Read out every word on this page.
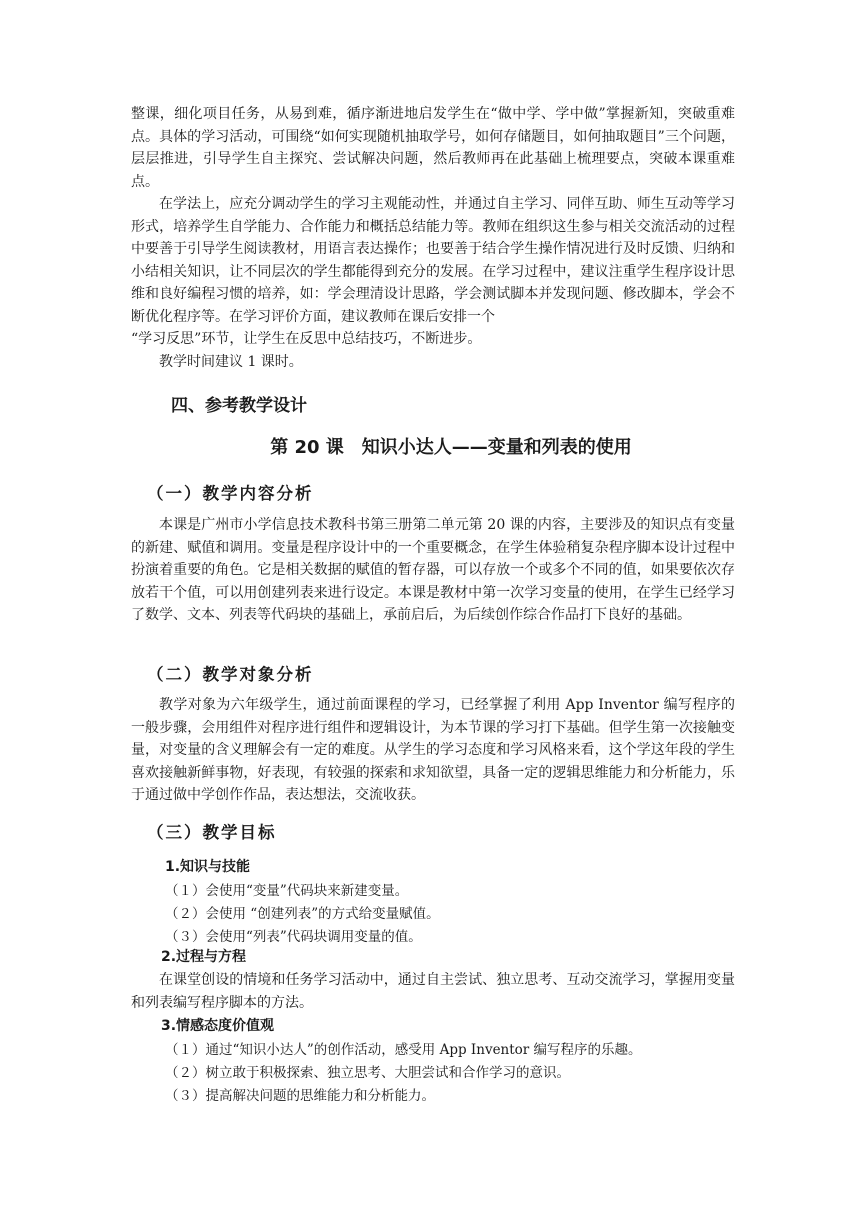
整课，细化项目任务，从易到难，循序渐进地启发学生在“做中学、学中做”掌握新知，突破重难点。具体的学习活动，可围绕“如何实现随机抽取学号，如何存储题目，如何抽取题目”三个问题，层层推进，引导学生自主探究、尝试解决问题，然后教师再在此基础上梳理要点，突破本课重难点。

在学法上，应充分调动学生的学习主观能动性，并通过自主学习、同伴互助、师生互动等学习形式，培养学生自学能力、合作能力和概括总结能力等。教师在组织这生参与相关交流活动的过程中要善于引导学生阅读教材，用语言表达操作；也要善于结合学生操作情况进行及时反馈、归纳和小结相关知识，让不同层次的学生都能得到充分的发展。在学习过程中，建议注重学生程序设计思维和良好编程习惯的培养，如：学会理清设计思路，学会测试脚本并发现问题、修改脚本，学会不断优化程序等。在学习评价方面，建议教师在课后安排一个

“学习反思”环节，让学生在反思中总结技巧，不断进步。

教学时间建议 1 课时。

四、参考教学设计
第 20 课　知识小达人——变量和列表的使用
（一）教学内容分析

本课是广州市小学信息技术教科书第三册第二单元第 20 课的内容，主要涉及的知识点有变量的新建、赋值和调用。变量是程序设计中的一个重要概念，在学生体验稍复杂程序脚本设计过程中扮演着重要的角色。它是相关数据的赋值的暂存器，可以存放一个或多个不同的值，如果要依次存放若干个值，可以用创建列表来进行设定。本课是教材中第一次学习变量的使用，在学生已经学习了数学、文本、列表等代码块的基础上，承前启后，为后续创作综合作品打下良好的基础。

（二）教学对象分析

教学对象为六年级学生，通过前面课程的学习，已经掌握了利用 App Inventor 编写程序的一般步骤，会用组件对程序进行组件和逻辑设计，为本节课的学习打下基础。但学生第一次接触变量，对变量的含义理解会有一定的难度。从学生的学习态度和学习风格来看，这个学这年段的学生喜欢接触新鲜事物，好表现，有较强的探索和求知欲望，具备一定的逻辑思维能力和分析能力，乐于通过做中学创作作品，表达想法，交流收获。

（三）教学目标
1.知识与技能

（１）会使用“变量”代码块来新建变量。

（２）会使用 “创建列表”的方式给变量赋值。

（３）会使用“列表”代码块调用变量的值。

2.过程与方程

在课堂创设的情境和任务学习活动中，通过自主尝试、独立思考、互动交流学习，掌握用变量和列表编写程序脚本的方法。

3.情感态度价值观

（１）通过“知识小达人”的创作活动，感受用 App Inventor 编写程序的乐趣。

（２）树立敢于积极探索、独立思考、大胆尝试和合作学习的意识。

（３）提高解决问题的思维能力和分析能力。
